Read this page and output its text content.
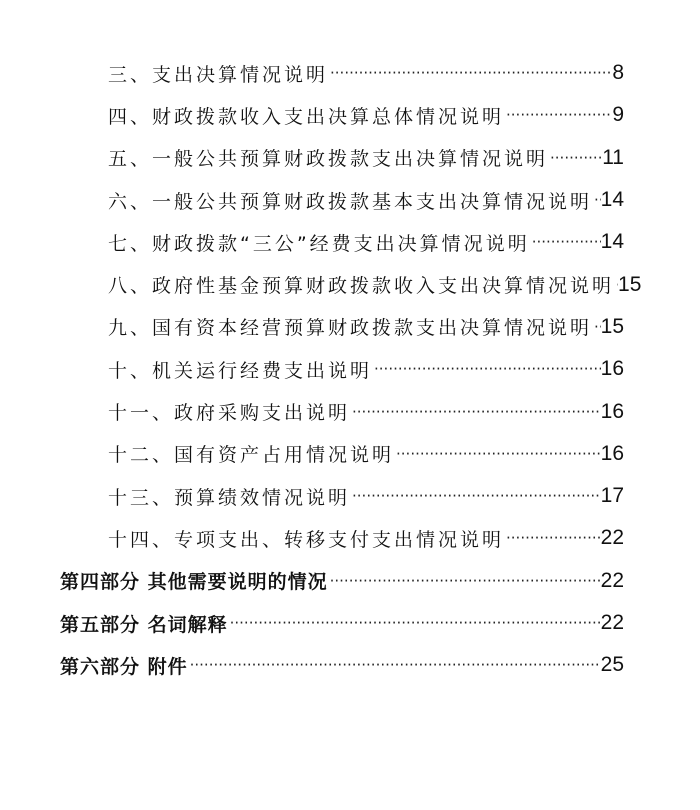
三、支出决算情况说明 ·····	8
四、财政拨款收入支出决算总体情况说明 ·····	9
五、一般公共预算财政拨款支出决算情况说明 ·····	11
六、一般公共预算财政拨款基本支出决算情况说明 ····· 14
七、财政拨款“三公”经费支出决算情况说明 ·····	14
八、政府性基金预算财政拨款收入支出决算情况说明 ····· 15
九、国有资本经营预算财政拨款支出决算情况说明 ····· 15
十、机关运行经费支出说明 ·····	16
十一、政府采购支出说明 ·····	16
十二、国有资产占用情况说明 ·····	16
十三、预算绩效情况说明 ·····	17
十四、专项支出、转移支付支出情况说明 ·····	22
第四部分 其他需要说明的情况 ·····	22
第五部分 名词解释 ·····	22
第六部分 附件 ·····	25
